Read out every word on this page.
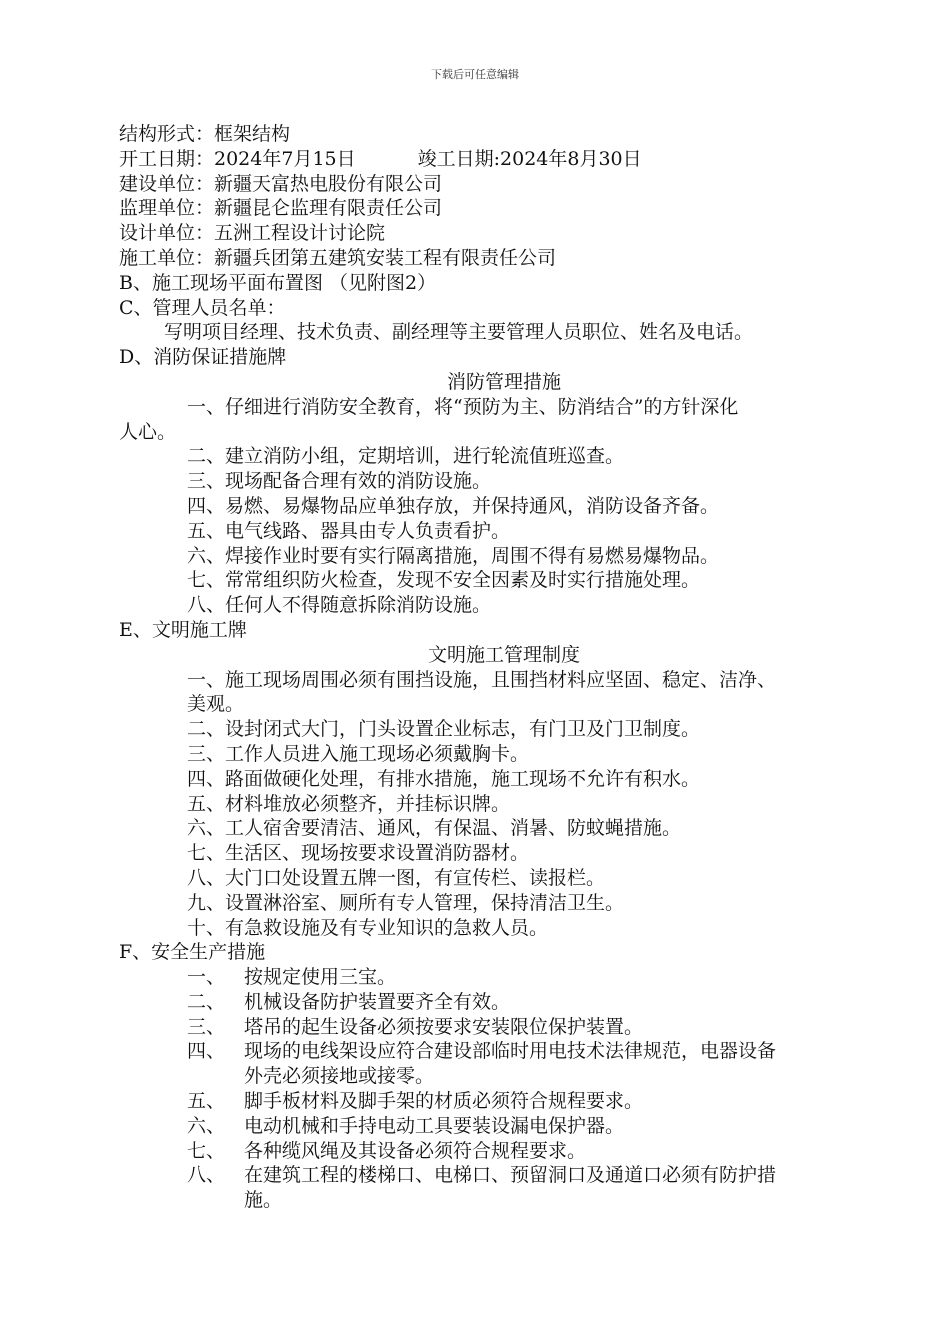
下载后可任意编辑
结构形式：框架结构
开工日期：2024年7月15日	竣工日期:2024年8月30日
建设单位：新疆天富热电股份有限公司
监理单位：新疆昆仑监理有限责任公司
设计单位：五洲工程设计讨论院
施工单位：新疆兵团第五建筑安装工程有限责任公司
B、施工现场平面布置图 （见附图2）
C、管理人员名单：
写明项目经理、技术负责、副经理等主要管理人员职位、姓名及电话。
D、消防保证措施牌
消防管理措施
一、仔细进行消防安全教育，将“预防为主、防消结合”的方针深化
人心。
二、建立消防小组，定期培训，进行轮流值班巡查。
三、现场配备合理有效的消防设施。
四、易燃、易爆物品应单独存放，并保持通风，消防设备齐备。
五、电气线路、器具由专人负责看护。
六、焊接作业时要有实行隔离措施，周围不得有易燃易爆物品。
七、常常组织防火检查，发现不安全因素及时实行措施处理。
八、任何人不得随意拆除消防设施。
E、文明施工牌
文明施工管理制度
一、施工现场周围必须有围挡设施，且围挡材料应坚固、稳定、洁净、
美观。
二、设封闭式大门，门头设置企业标志，有门卫及门卫制度。
三、工作人员进入施工现场必须戴胸卡。
四、路面做硬化处理，有排水措施，施工现场不允许有积水。
五、材料堆放必须整齐，并挂标识牌。
六、工人宿舍要清洁、通风，有保温、消暑、防蚊蝇措施。
七、生活区、现场按要求设置消防器材。
八、大门口处设置五牌一图，有宣传栏、读报栏。
九、设置淋浴室、厕所有专人管理，保持清洁卫生。
十、有急救设施及有专业知识的急救人员。
F、安全生产措施
一、 按规定使用三宝。
二、 机械设备防护装置要齐全有效。
三、 塔吊的起生设备必须按要求安装限位保护装置。
四、 现场的电线架设应符合建设部临时用电技术法律规范，电器设备
外壳必须接地或接零。
五、 脚手板材料及脚手架的材质必须符合规程要求。
六、 电动机械和手持电动工具要装设漏电保护器。
七、 各种缆风绳及其设备必须符合规程要求。
八、 在建筑工程的楼梯口、电梯口、预留洞口及通道口必须有防护措
施。
